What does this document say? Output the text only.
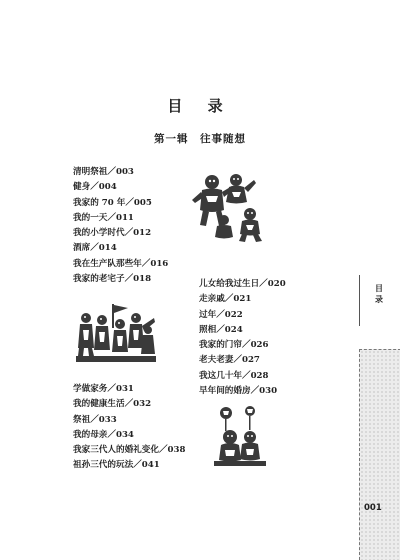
目 录
第一辑　往事随想
清明祭祖／003
健身／004
我家的 70 年／005
我的一天／011
我的小学时代／012
酒席／014
我在生产队那些年／016
我家的老宅子／018	儿女给我过生日／020
走亲戚／021
过年／022
照相／024
我家的门帘／026
老夫老妻／027
我这几十年／028
早年间的婚房／030
学做家务／031
我的健康生活／032
祭祖／033
我的母亲／034
我家三代人的婚礼变化／038
祖孙三代的玩法／041
目
录
001
